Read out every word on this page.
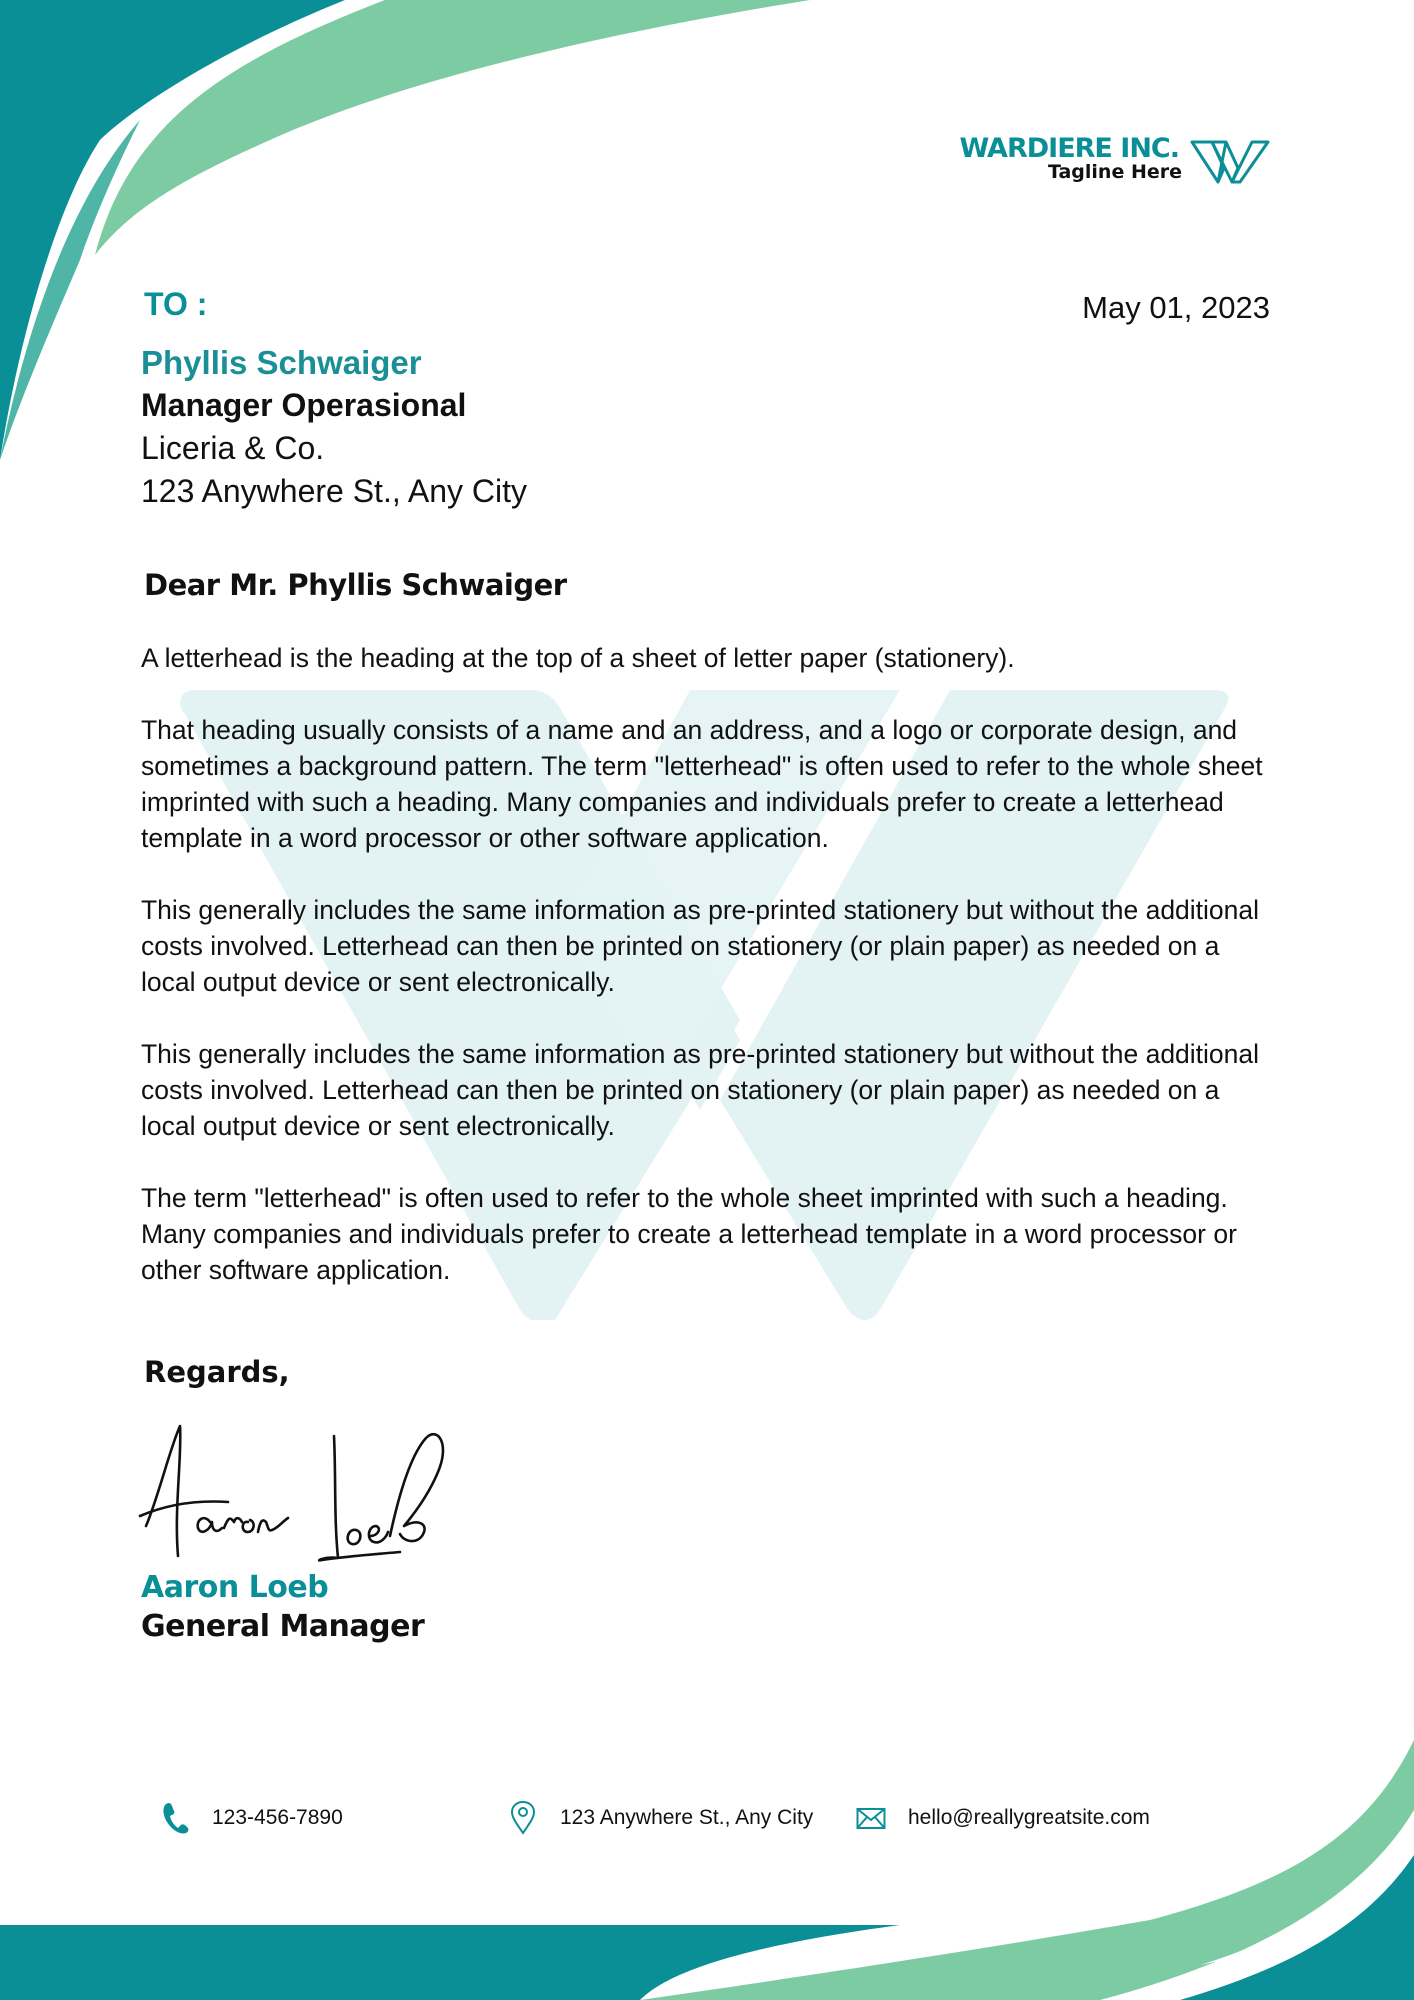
WARDIERE INC.
Tagline Here
TO :	May 01, 2023
Phyllis Schwaiger
Manager Operasional
Liceria & Co.
123 Anywhere St., Any City
Dear Mr. Phyllis Schwaiger

A letterhead is the heading at the top of a sheet of letter paper (stationery).

That heading usually consists of a name and an address, and a logo or corporate design, and sometimes a background pattern. The term "letterhead" is often used to refer to the whole sheet imprinted with such a heading. Many companies and individuals prefer to create a letterhead template in a word processor or other software application.

This generally includes the same information as pre-printed stationery but without the additional costs involved. Letterhead can then be printed on stationery (or plain paper) as needed on a local output device or sent electronically.

This generally includes the same information as pre-printed stationery but without the additional costs involved. Letterhead can then be printed on stationery (or plain paper) as needed on a local output device or sent electronically.

The term "letterhead" is often used to refer to the whole sheet imprinted with such a heading. Many companies and individuals prefer to create a letterhead template in a word processor or other software application.

Regards,
Aaron Loeb
General Manager
123-456-7890	123 Anywhere St., Any City	hello@reallygreatsite.com
